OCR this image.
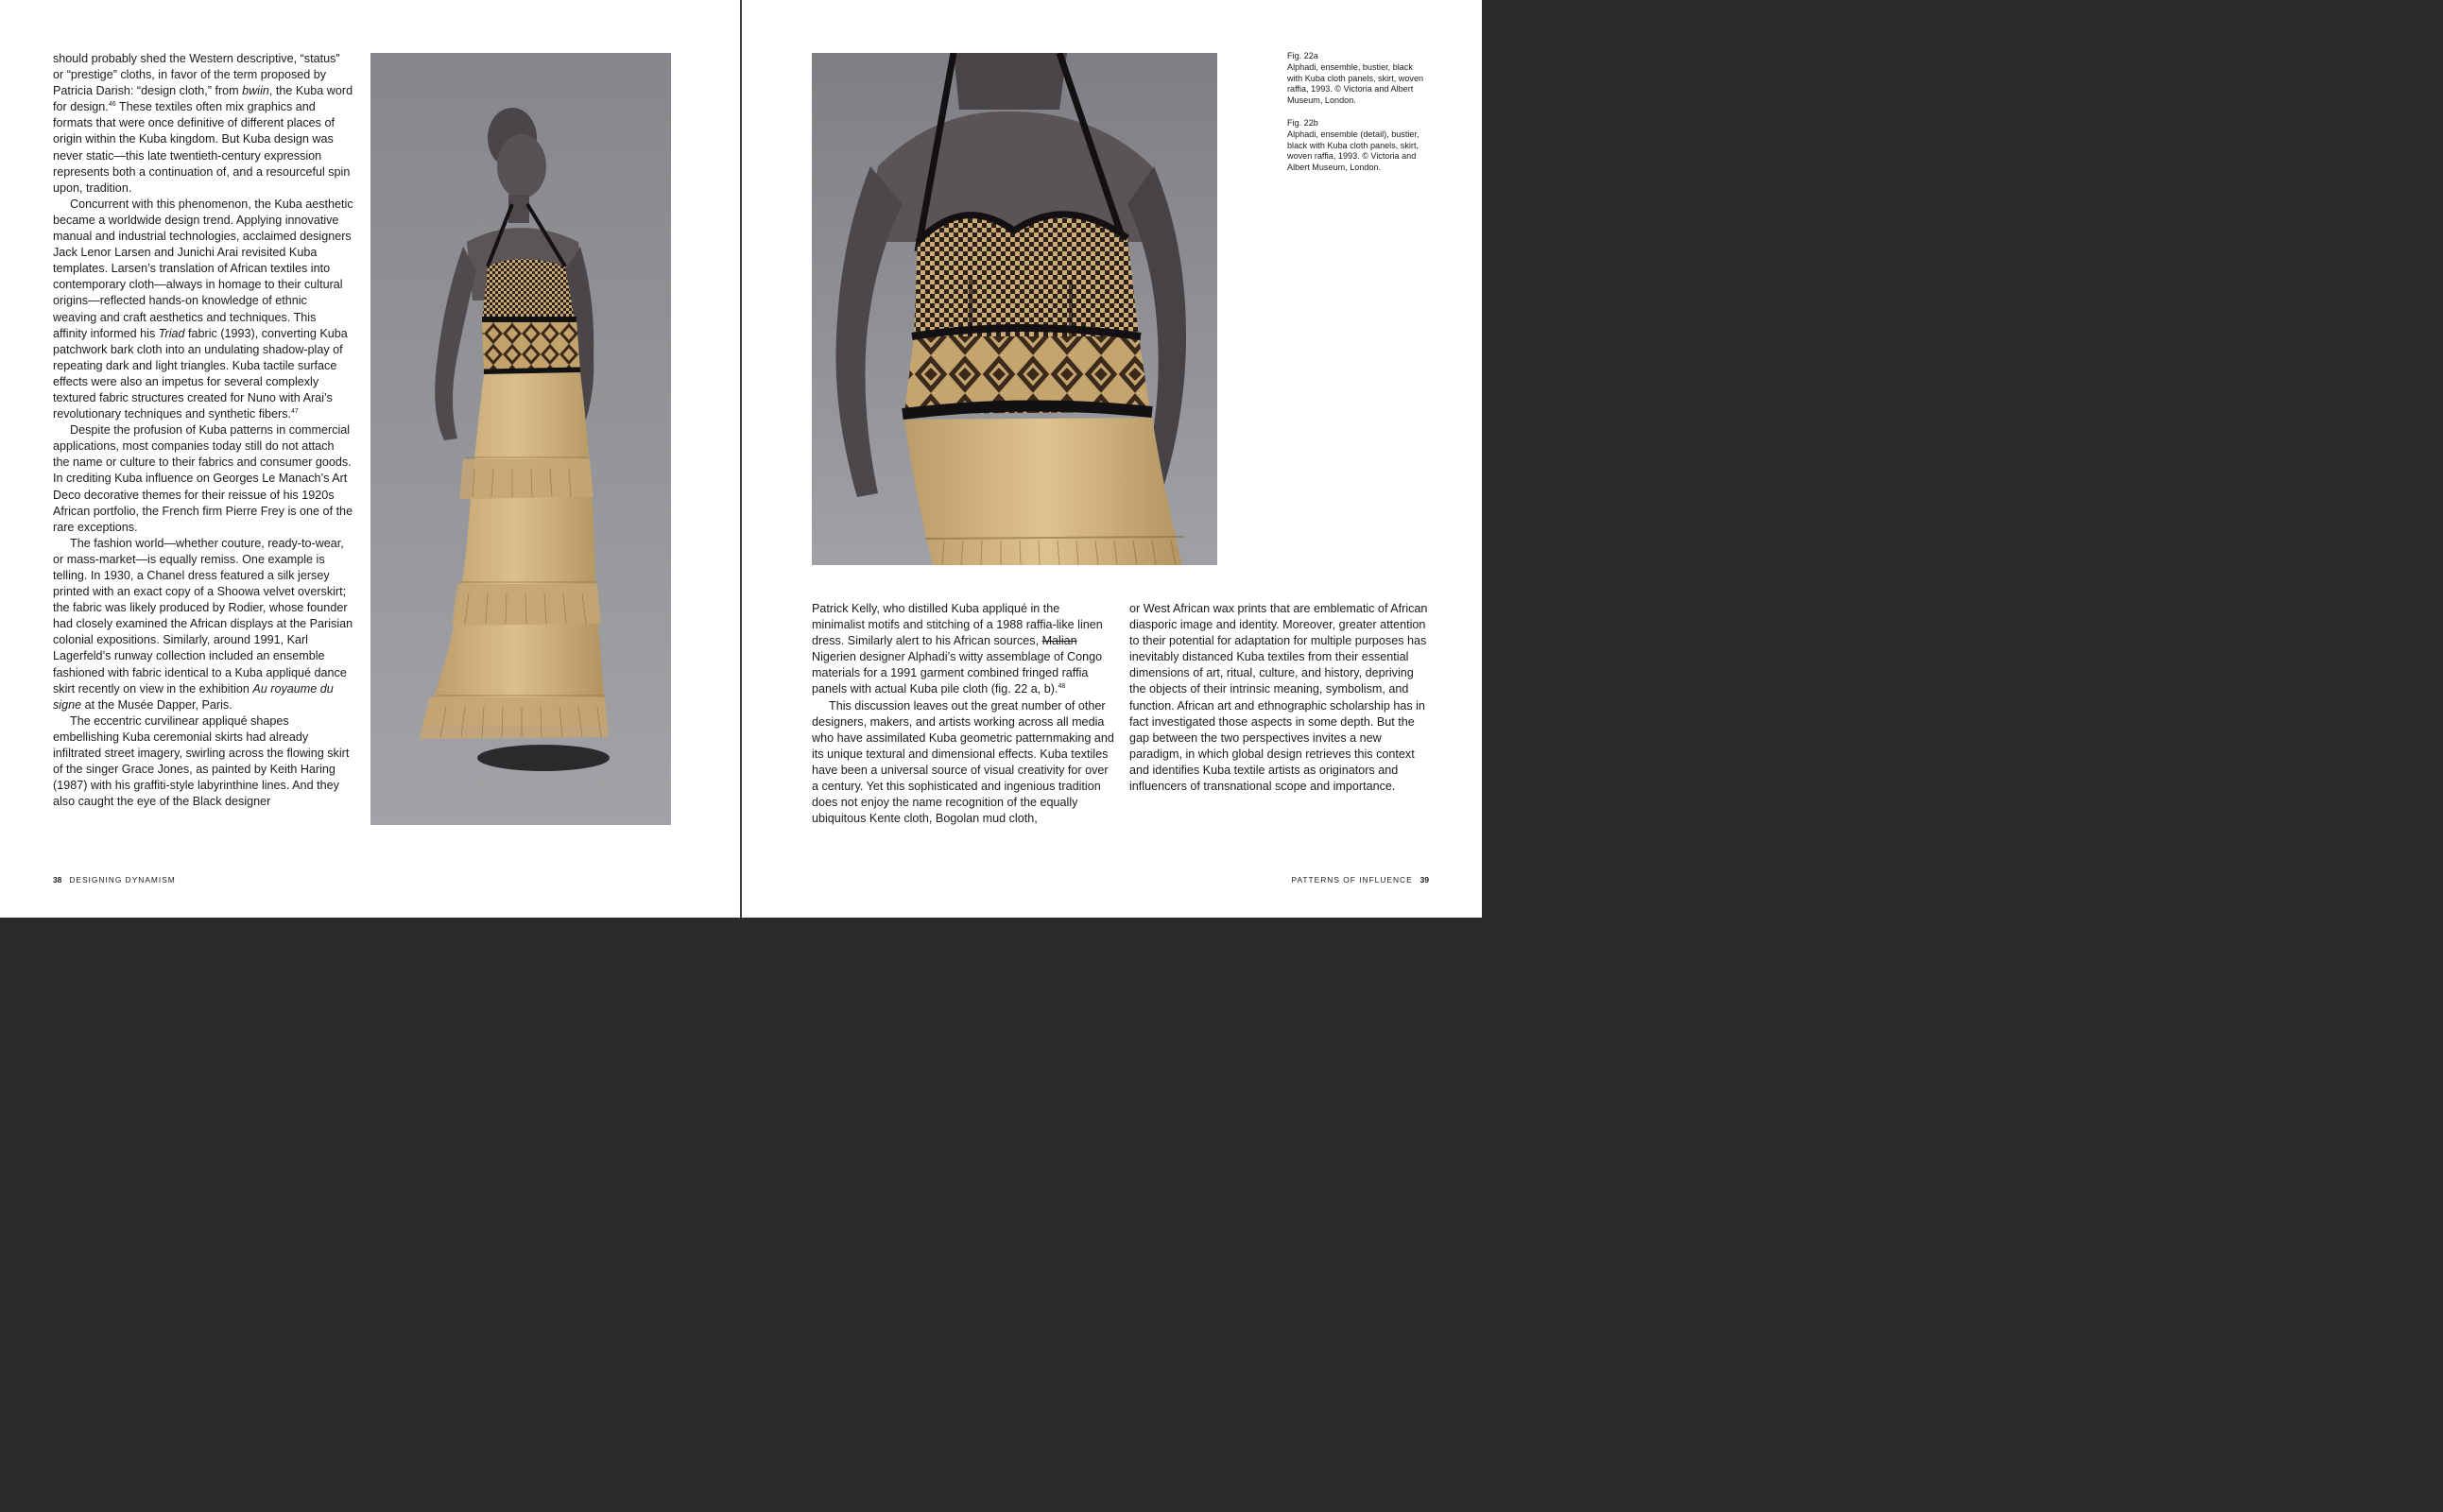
should probably shed the Western descriptive, “status” or “prestige” cloths, in favor of the term proposed by Patricia Darish: “design cloth,” from bwiin, the Kuba word for design.$^{46}$ These textiles often mix graphics and formats that were once definitive of different places of origin within the Kuba kingdom. But Kuba design was never static—this late twentieth-century expression represents both a continuation of, and a resourceful spin upon, tradition.

Concurrent with this phenomenon, the Kuba aesthetic became a worldwide design trend. Applying innovative manual and industrial technologies, acclaimed designers Jack Lenor Larsen and Junichi Arai revisited Kuba templates. Larsen’s translation of African textiles into contemporary cloth—always in homage to their cultural origins—reflected hands-on knowledge of ethnic weaving and craft aesthetics and techniques. This affinity informed his Triad fabric (1993), converting Kuba patchwork bark cloth into an undulating shadow-play of repeating dark and light triangles. Kuba tactile surface effects were also an impetus for several complexly textured fabric structures created for Nuno with Arai’s revolutionary techniques and synthetic fibers.$^{47}$

Despite the profusion of Kuba patterns in commercial applications, most companies today still do not attach the name or culture to their fabrics and consumer goods. In crediting Kuba influence on Georges Le Manach’s Art Deco decorative themes for their reissue of his 1920s African portfolio, the French firm Pierre Frey is one of the rare exceptions.

The fashion world—whether couture, ready-to-wear, or mass-market—is equally remiss. One example is telling. In 1930, a Chanel dress featured a silk jersey printed with an exact copy of a Shoowa velvet overskirt; the fabric was likely produced by Rodier, whose founder had closely examined the African displays at the Parisian colonial expositions. Similarly, around 1991, Karl Lagerfeld’s runway collection included an ensemble fashioned with fabric identical to a Kuba appliqué dance skirt recently on view in the exhibition Au royaume du signe at the Musée Dapper, Paris.

The eccentric curvilinear appliqué shapes embellishing Kuba ceremonial skirts had already infiltrated street imagery, swirling across the flowing skirt of the singer Grace Jones, as painted by Keith Haring (1987) with his graffiti-style labyrinthine lines. And they also caught the eye of the Black designer

38 DESIGNING DYNAMISM

Fig. 22a

Alphadi, ensemble, bustier, black with Kuba cloth panels, skirt, woven raffia, 1993. © Victoria and Albert Museum, London.

Fig. 22b

Alphadi, ensemble (detail), bustier, black with Kuba cloth panels, skirt, woven raffia, 1993. © Victoria and Albert Museum, London.

Patrick Kelly, who distilled Kuba appliqué in the minimalist motifs and stitching of a 1988 raffia-like linen dress. Similarly alert to his African sources, Malian Nigerien designer Alphadi’s witty assemblage of Congo materials for a 1991 garment combined fringed raffia panels with actual Kuba pile cloth (fig. 22 a, b).$^{48}$

This discussion leaves out the great number of other designers, makers, and artists working across all media who have assimilated Kuba geometric patternmaking and its unique textural and dimensional effects. Kuba textiles have been a universal source of visual creativity for over a century. Yet this sophisticated and ingenious tradition does not enjoy the name recognition of the equally ubiquitous Kente cloth, Bogolan mud cloth,

or West African wax prints that are emblematic of African diasporic image and identity. Moreover, greater attention to their potential for adaptation for multiple purposes has inevitably distanced Kuba textiles from their essential dimensions of art, ritual, culture, and history, depriving the objects of their intrinsic meaning, symbolism, and function. African art and ethnographic scholarship has in fact investigated those aspects in some depth. But the gap between the two perspectives invites a new paradigm, in which global design retrieves this context and identifies Kuba textile artists as originators and influencers of transnational scope and importance.

PATTERNS OF INFLUENCE 39
